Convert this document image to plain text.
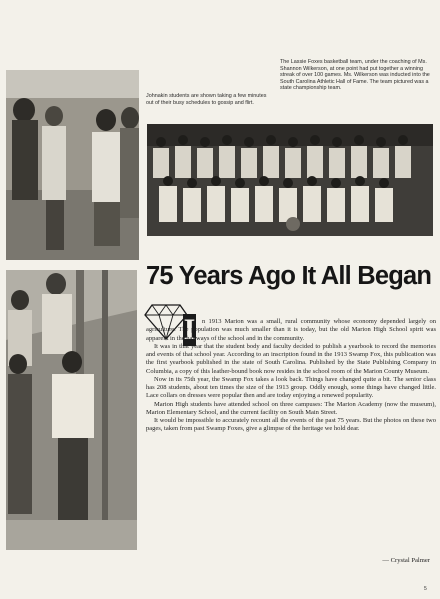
Johnakin students are shown taking a few minutes out of their busy schedules to gossip and flirt.
The Lassie Foxes basketball team, under the coaching of Ms. Shannon Wilkerson, at one point had put together a winning streak of over 100 games. Ms. Wilkerson was inducted into the South Carolina Athletic Hall of Fame. The team pictured was a state championship team.
75 Years Ago It All Began
I	n 1913 Marion was a small, rural community whose economy depended largely on agriculture. The population was much smaller than it is today, but the old Marion High School spirit was apparent in the hallways of the school and in the community.

It was in that year that the student body and faculty decided to publish a yearbook to record the memories and events of that school year. According to an inscription found in the 1913 Swamp Fox, this publication was the first yearbook published in the state of South Carolina. Published by the State Publishing Company in Columbia, a copy of this leather-bound book now resides in the school room of the Marion County Museum.

Now in its 75th year, the Swamp Fox takes a look back. Things have changed quite a bit. The senior class has 208 students, about ten times the size of the 1913 group. Oddly enough, some things have changed little. Lace collars on dresses were popular then and are today enjoying a renewed popularity.

Marion High students have attended school on three campuses: The Marion Academy (now the museum), Marion Elementary School, and the current facility on South Main Street.

It would be impossible to accurately recount all the events of the past 75 years. But the photos on these two pages, taken from past Swamp Foxes, give a glimpse of the heritage we hold dear.

— Crystal Palmer
5
